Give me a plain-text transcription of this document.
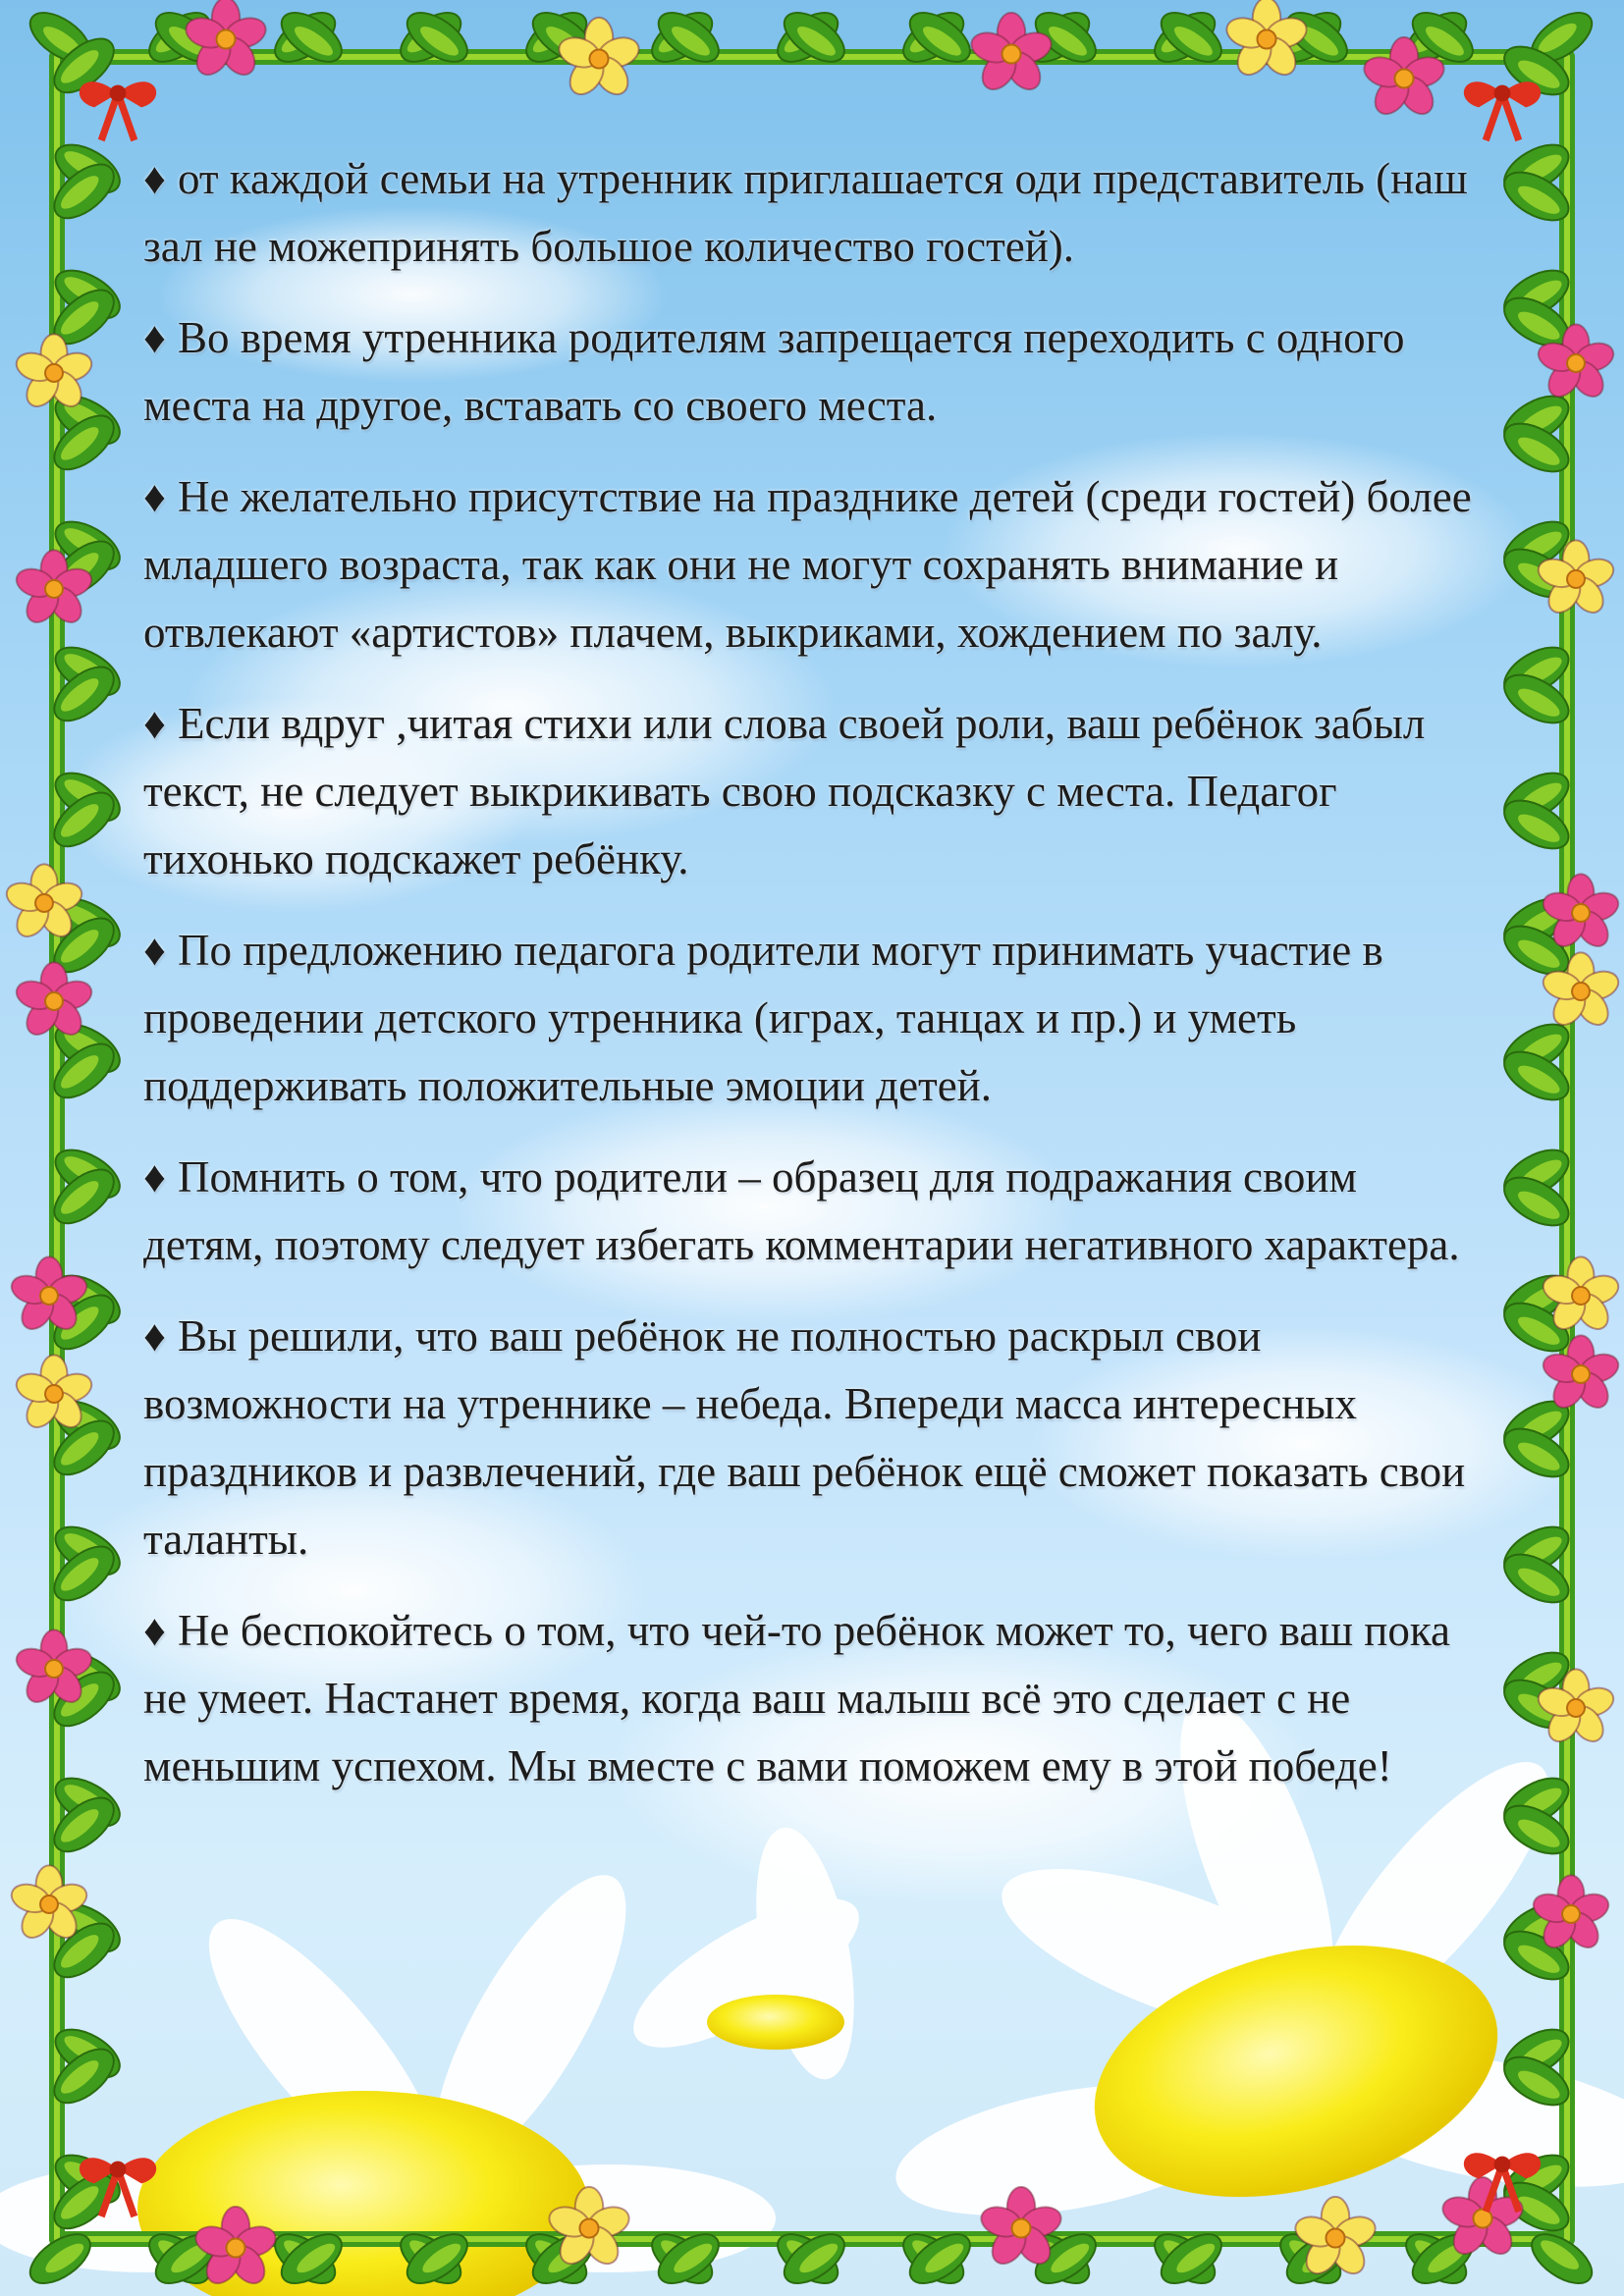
♦ от каждой семьи на утренник приглашается оди представитель (наш зал не можепринять большое количество гостей).

♦ Во время утренника родителям запрещается переходить с одного места на другое, вставать со своего места.

♦ Не желательно присутствие на празднике детей (среди гостей) более младшего возраста, так как они не могут сохранять внимание и отвлекают «артистов» плачем, выкриками, хождением по залу.

♦ Если вдруг ,читая стихи или слова своей роли, ваш ребёнок забыл текст, не следует выкрикивать свою подсказку с места. Педагог тихонько подскажет ребёнку.

♦ По предложению педагога родители могут принимать участие в проведении детского утренника (играх, танцах и пр.) и уметь поддерживать положительные эмоции детей.

♦ Помнить о том, что родители – образец для подражания своим детям, поэтому следует избегать комментарии негативного характера.

♦ Вы решили, что ваш ребёнок не полностью раскрыл свои возможности на утреннике – небеда. Впереди масса интересных праздников и развлечений, где ваш ребёнок ещё сможет показать свои таланты.

♦ Не беспокойтесь о том, что чей-то ребёнок может то, чего ваш пока не умеет. Настанет время, когда ваш малыш всё это сделает с не меньшим успехом. Мы вместе с вами поможем ему в этой победе!
